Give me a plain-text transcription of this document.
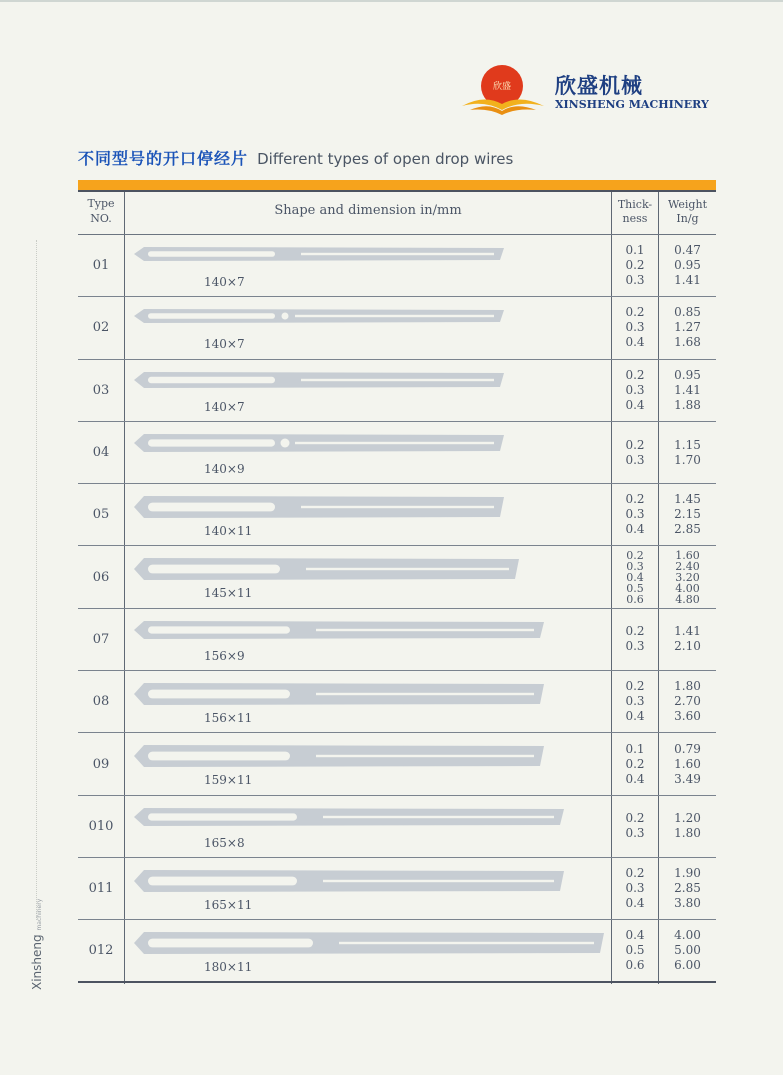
欣盛 欣盛机械
XINSHENG MACHINERY
不同型号的开口停经片 Different types of open drop wires
Type
NO.
Shape and dimension in/mm	Thick-
ness
Weight
In/g
01
140×7
0.1
0.2
0.3
0.47
0.95
1.41
02
140×7
0.2
0.3
0.4
0.85
1.27
1.68
03
140×7
0.2
0.3
0.4
0.95
1.41
1.88
04
140×9
0.2
0.3
1.15
1.70
05
140×11
0.2
0.3
0.4
1.45
2.15
2.85
06
145×11
0.2
0.3
0.4
0.5
0.6
1.60
2.40
3.20
4.00
4.80
07
156×9
0.2
0.3
1.41
2.10
08
156×11
0.2
0.3
0.4
1.80
2.70
3.60
09
159×11
0.1
0.2
0.4
0.79
1.60
3.49
010
165×8
0.2
0.3
1.20
1.80
011
165×11
0.2
0.3
0.4
1.90
2.85
3.80
012
180×11
0.4
0.5
0.6
4.00
5.00
6.00
Xinsheng machinery
